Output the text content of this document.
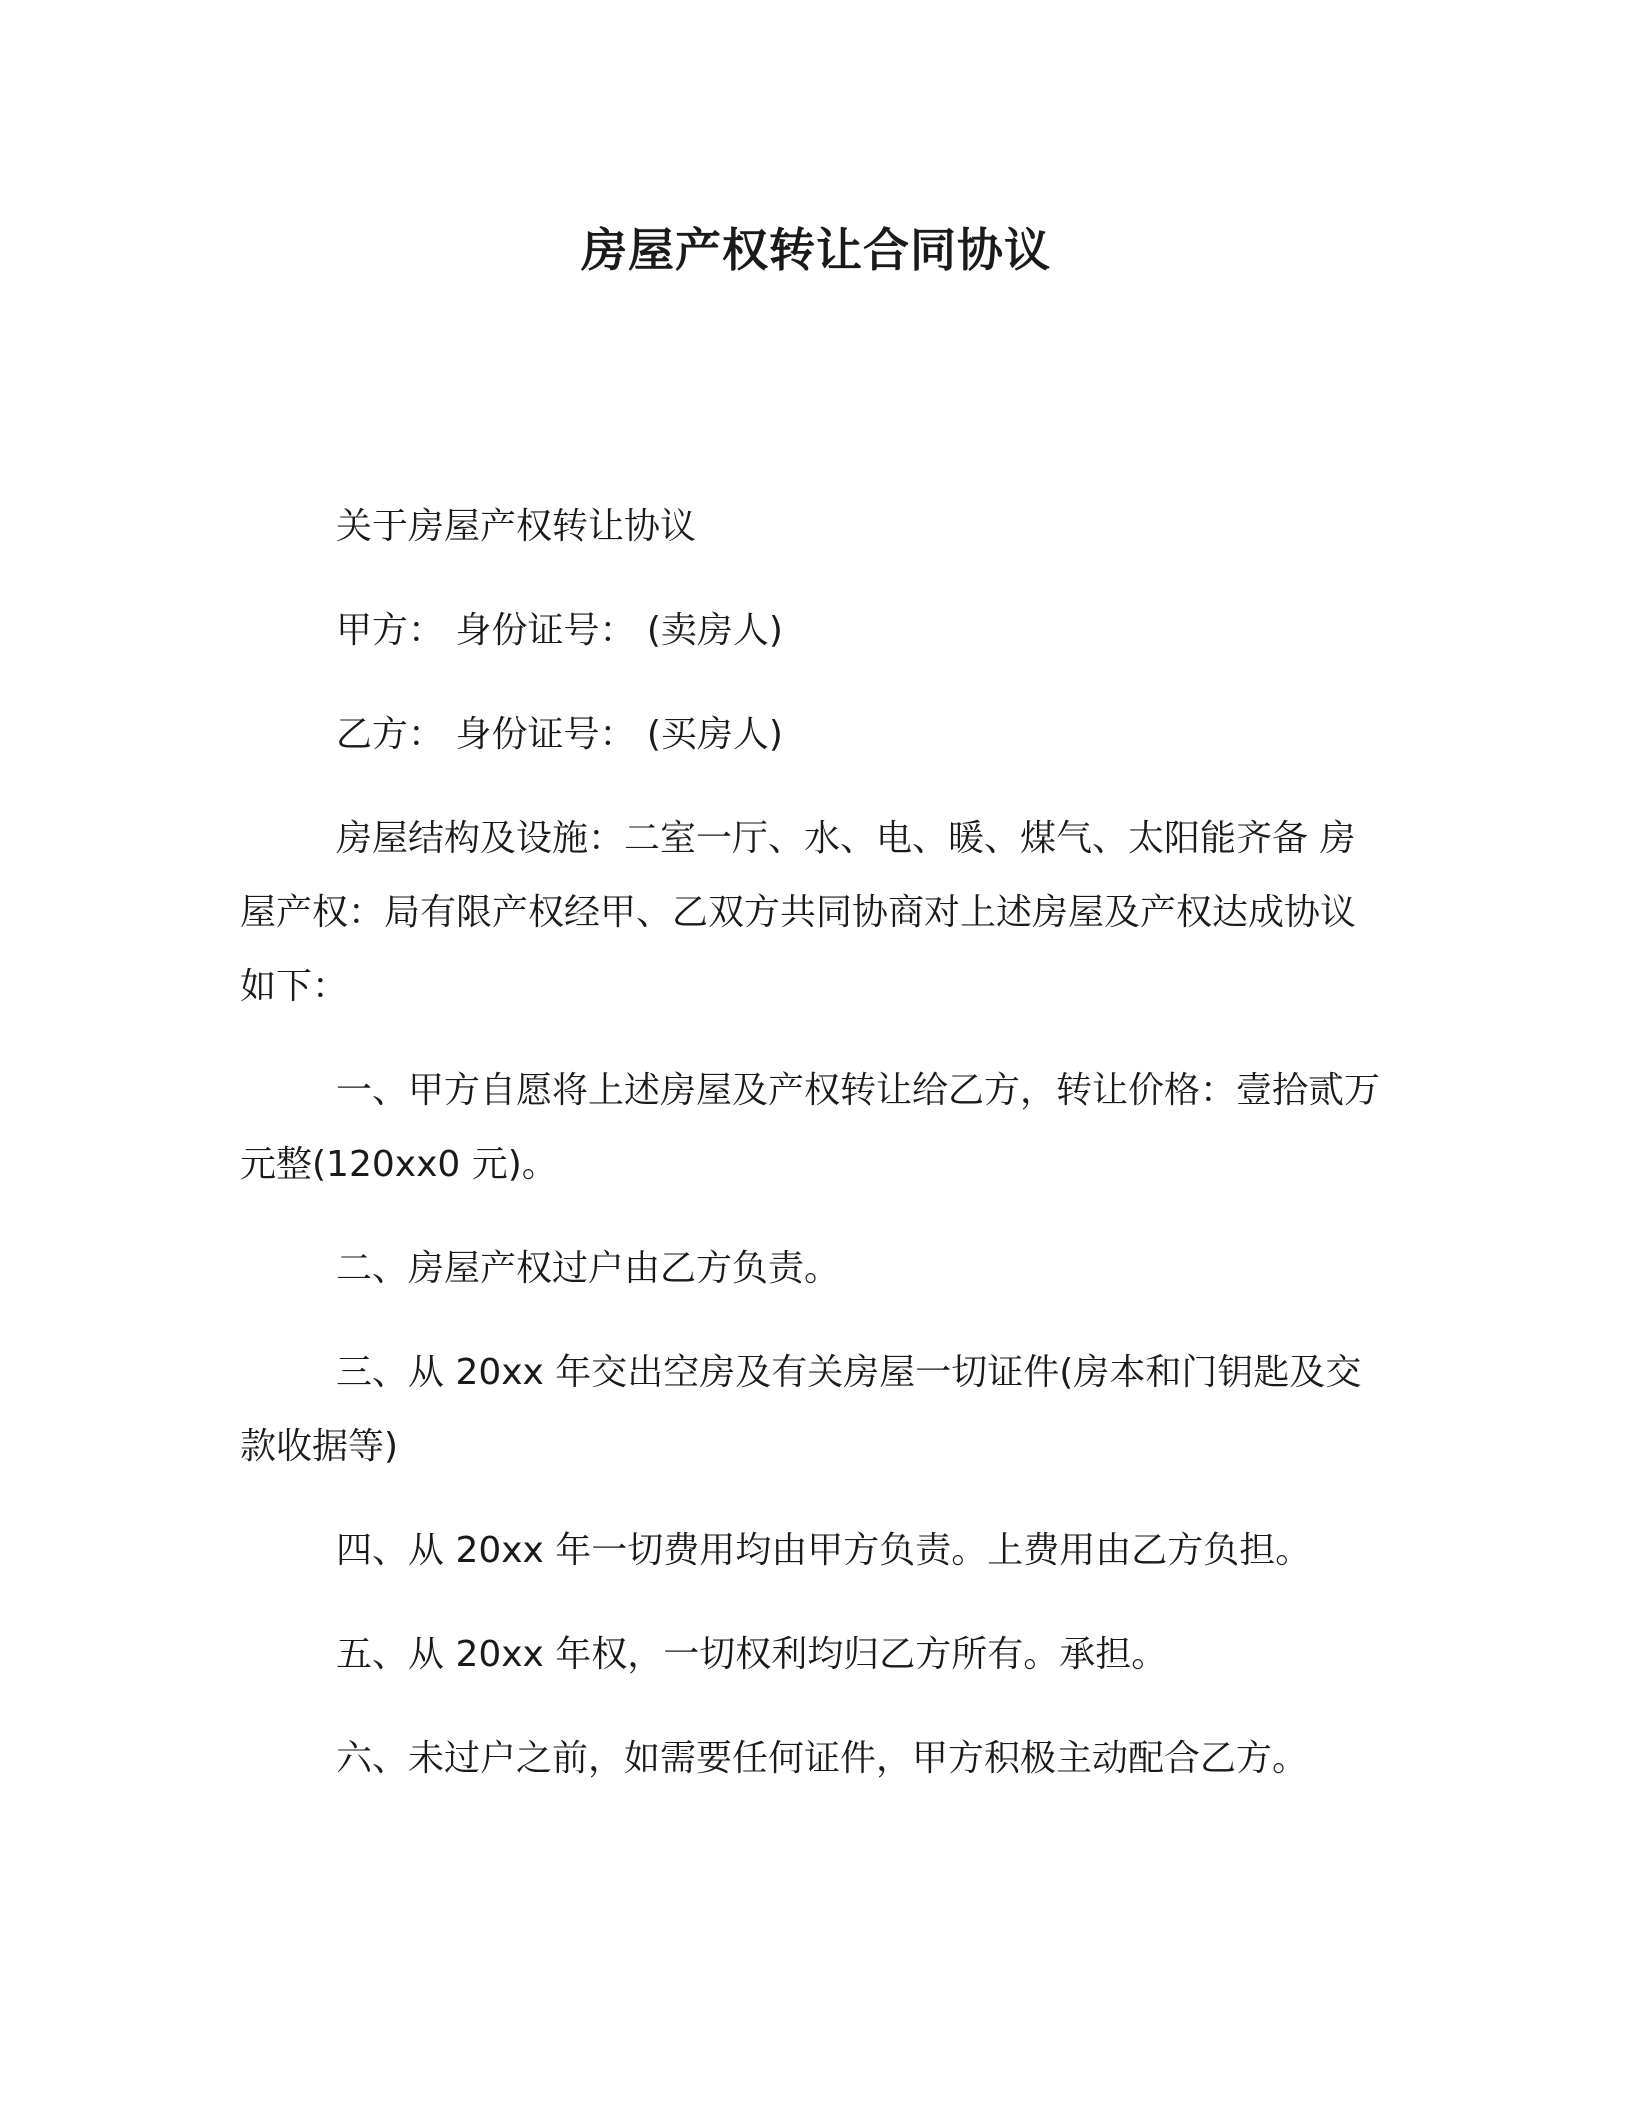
房屋产权转让合同协议

关于房屋产权转让协议

甲方： 身份证号： (卖房人)

乙方： 身份证号： (买房人)

房屋结构及设施：二室一厅、水、电、暖、煤气、太阳能齐备 房屋产权：局有限产权经甲、乙双方共同协商对上述房屋及产权达成协议如下：

一、甲方自愿将上述房屋及产权转让给乙方，转让价格：壹拾贰万元整(120xx0 元)。

二、房屋产权过户由乙方负责。

三、从 20xx 年交出空房及有关房屋一切证件(房本和门钥匙及交款收据等)

四、从 20xx 年一切费用均由甲方负责。上费用由乙方负担。

五、从 20xx 年权，一切权利均归乙方所有。承担。

六、未过户之前，如需要任何证件，甲方积极主动配合乙方。
